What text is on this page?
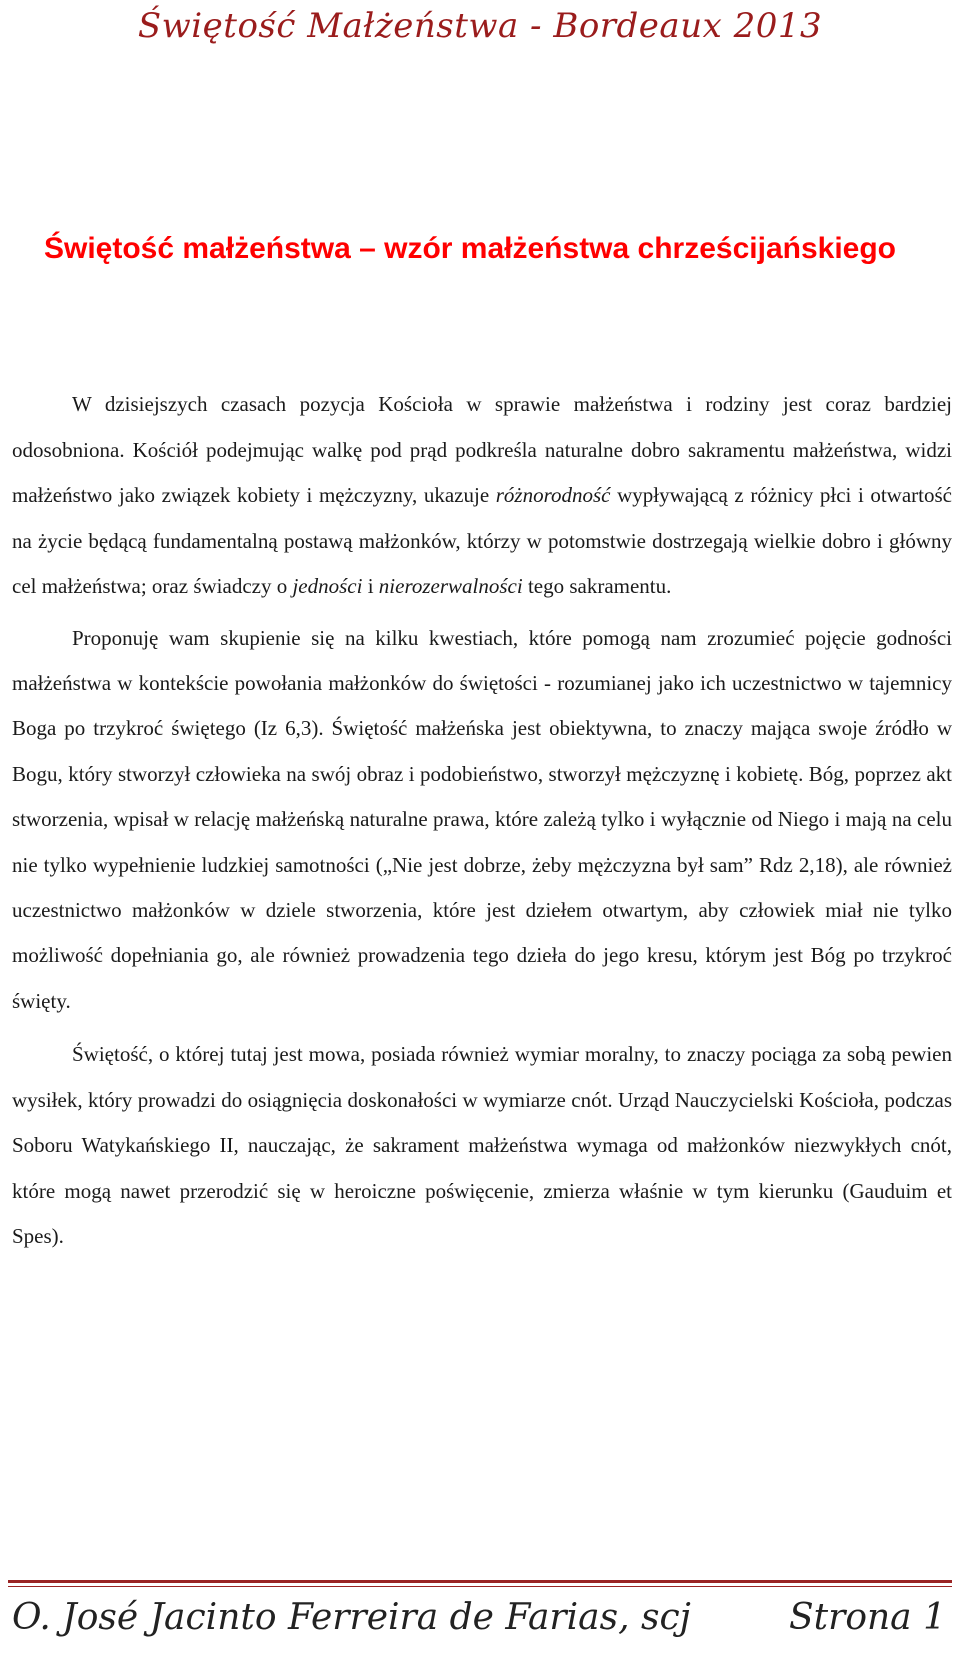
Świętość Małżeństwa - Bordeaux 2013
Świętość małżeństwa – wzór małżeństwa chrześcijańskiego

W dzisiejszych czasach pozycja Kościoła w sprawie małżeństwa i rodziny jest coraz bardziej odosobniona. Kościół podejmując walkę pod prąd podkreśla naturalne dobro sakramentu małżeństwa, widzi małżeństwo jako związek kobiety i mężczyzny, ukazuje różnorodność wypływającą z różnicy płci i otwartość na życie będącą fundamentalną postawą małżonków, którzy w potomstwie dostrzegają wielkie dobro i główny cel małżeństwa; oraz świadczy o jedności i nierozerwalności tego sakramentu.

Proponuję wam skupienie się na kilku kwestiach, które pomogą nam zrozumieć pojęcie godności małżeństwa w kontekście powołania małżonków do świętości - rozumianej jako ich uczestnictwo w tajemnicy Boga po trzykroć świętego (Iz 6,3). Świętość małżeńska jest obiektywna, to znaczy mająca swoje źródło w Bogu, który stworzył człowieka na swój obraz i podobieństwo, stworzył mężczyznę i kobietę. Bóg, poprzez akt stworzenia, wpisał w relację małżeńską naturalne prawa, które zależą tylko i wyłącznie od Niego i mają na celu nie tylko wypełnienie ludzkiej samotności („Nie jest dobrze, żeby mężczyzna był sam” Rdz 2,18), ale również uczestnictwo małżonków w dziele stworzenia, które jest dziełem otwartym, aby człowiek miał nie tylko możliwość dopełniania go, ale również prowadzenia tego dzieła do jego kresu, którym jest Bóg po trzykroć święty.

Świętość, o której tutaj jest mowa, posiada również wymiar moralny, to znaczy pociąga za sobą pewien wysiłek, który prowadzi do osiągnięcia doskonałości w wymiarze cnót. Urząd Nauczycielski Kościoła, podczas Soboru Watykańskiego II, nauczając, że sakrament małżeństwa wymaga od małżonków niezwykłych cnót, które mogą nawet przerodzić się w heroiczne poświęcenie, zmierza właśnie w tym kierunku (Gauduim et Spes).

O. José Jacinto Ferreira de Farias, scj	Strona 1
